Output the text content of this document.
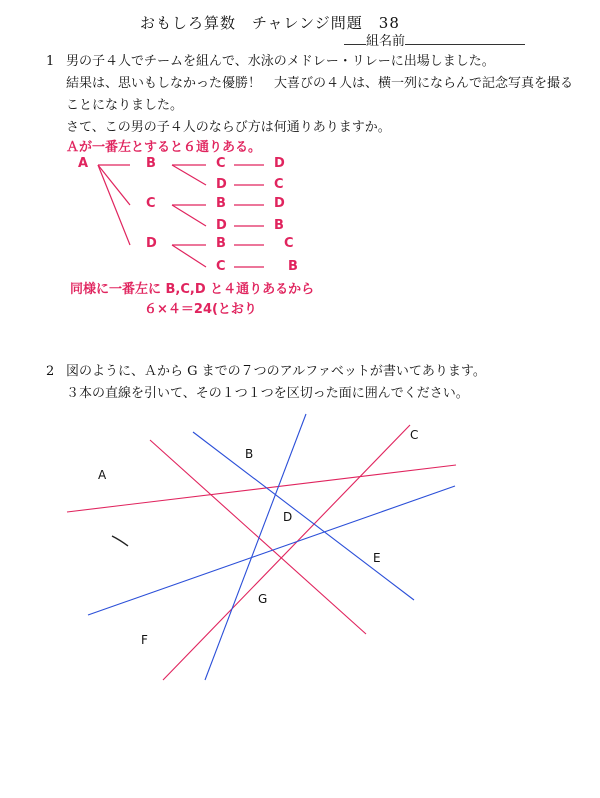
おもしろ算数　チャレンジ問題　38
組名前
1 男の子４人でチームを組んで、水泳のメドレー・リレーに出場しました。
結果は、思いもしなかった優勝！　大喜びの４人は、横一列にならんで記念写真を撮る
ことになりました。
さて、この男の子４人のならび方は何通りありますか。
Ａが一番左とすると６通りある。
A	B
C
D
C	D
D	C
B	D
D	B
B	C
C	B
同様に一番左に B,C,D と４通りあるから
６×４＝24(とおり
2 図のように、Ａから G までの７つのアルファベットが書いてあります。
３本の直線を引いて、その１つ１つを区切った面に囲んでください。
A
B
C
D
E
F
G
